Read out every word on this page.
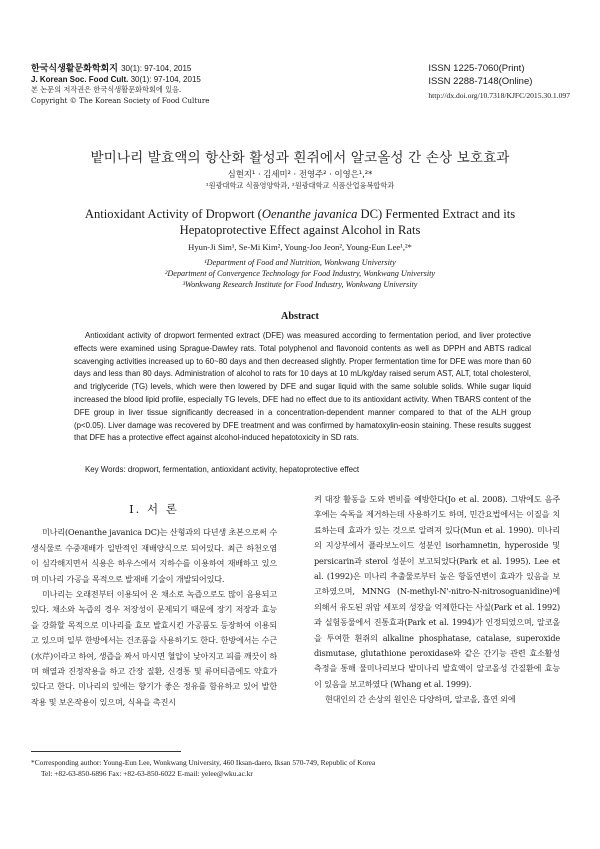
한국식생활문화학회지 30(1): 97-104, 2015
J. Korean Soc. Food Cult. 30(1): 97-104, 2015
본 논문의 저작권은 한국식생활문화학회에 있음.
Copyright © The Korean Society of Food Culture
ISSN 1225-7060(Print)
ISSN 2288-7148(Online)
http://dx.doi.org/10.7318/KJFC/2015.30.1.097
밭미나리 발효액의 항산화 활성과 흰쥐에서 알코올성 간 손상 보호효과
심현지¹ · 김세미² · 전영주² · 이영은¹,²*
¹원광대학교 식품영양학과, ²원광대학교 식품산업융복합학과
Antioxidant Activity of Dropwort (Oenanthe javanica DC) Fermented Extract and its Hepatoprotective Effect against Alcohol in Rats
Hyun-Ji Sim¹, Se-Mi Kim², Young-Joo Jeon², Young-Eun Lee¹,²*
¹Department of Food and Nutrition, Wonkwang University
²Department of Convergence Technology for Food Industry, Wonkwang University
³Wonkwang Research Institute for Food Industry, Wonkwang University
Abstract

Antioxidant activity of dropwort fermented extract (DFE) was measured according to fermentation period, and liver protective effects were examined using Sprague-Dawley rats. Total polyphenol and flavonoid contents as well as DPPH and ABTS radical scavenging activities increased up to 60~80 days and then decreased slightly. Proper fermentation time for DFE was more than 60 days and less than 80 days. Administration of alcohol to rats for 10 days at 10 mL/kg/day raised serum AST, ALT, total cholesterol, and triglyceride (TG) levels, which were then lowered by DFE and sugar liquid with the same soluble solids. While sugar liquid increased the blood lipid profile, especially TG levels, DFE had no effect due to its antioxidant activity. When TBARS content of the DFE group in liver tissue significantly decreased in a concentration-dependent manner compared to that of the ALH group (p<0.05). Liver damage was recovered by DFE treatment and was confirmed by hamatoxylin-eosin staining. These results suggest that DFE has a protective effect against alcohol-induced hepatotoxicity in SD rats.

Key Words: dropwort, fermentation, antioxidant activity, hepatoprotective effect
I. 서 론

미나리(Oenanthe javanica DC)는 산형과의 다년생 초본으로써 수생식물로 수중재배가 일반적인 재배양식으로 되어있다. 최근 하천오염이 심각해지면서 식용은 하우스에서 지하수를 이용하여 재배하고 있으며 미나리 가공을 목적으로 발재배 기술이 개발되어있다.

미나리는 오래전부터 이용되어 온 채소로 녹즙으로도 많이 음용되고 있다. 채소와 녹즙의 경우 저장성이 문제되기 때문에 장기 저장과 효능을 강화할 목적으로 미나리를 효모 발효시킨 가공품도 등장하여 이용되고 있으며 일부 한방에서는 건조품을 사용하기도 한다. 한방에서는 수근(水芹)이라고 하여, 생즙을 짜서 마시면 혈압이 낮아지고 피를 깨끗이 하며 해열과 진정작용을 하고 간장 질환, 신경통 및 류머티즘에도 약효가 있다고 한다. 미나리의 잎에는 향기가 좋은 정유를 함유하고 있어 발한작용 및 보온작용이 있으며, 식욕을 촉진시

켜 대장 활동을 도와 변비를 예방한다(Jo et al. 2008). 그밖에도 음주 후에는 숙독을 제거하는데 사용하기도 하며, 민간요법에서는 이질을 치료하는데 효과가 있는 것으로 알려져 있다(Mun et al. 1990). 미나리의 지상부에서 플라보노이드 성분인 isorhamnetin, hyperoside 및 persicarin과 sterol 성분이 보고되었다(Park et al. 1995). Lee et al. (1992)은 미나리 추출물로부터 높은 항돌연변이 효과가 있음을 보고하였으며, MNNG (N-methyl-N'-nitro-N-nitrosoguanidine)에 의해서 유도된 위암 세포의 성장을 억제한다는 사실(Park et al. 1992)과 실험동물에서 진통효과(Park et al. 1994)가 인정되었으며, 알코올을 투여한 흰쥐의 alkaline phosphatase, catalase, superoxide dismutase, glutathione peroxidase와 같은 간기능 관련 효소활성 측정을 통해 물미나리보다 밭미나리 발효액이 알코올성 간질환에 효능이 있음을 보고하였다 (Whang et al. 1999).

현대인의 간 손상의 원인은 다양하며, 알코올, 흡연 외에

*Corresponding author: Young-Eun Lee, Wonkwang University, 460 Iksan-daero, Iksan 570-749, Republic of Korea
Tel: +82-63-850-6896 Fax: +82-63-850-6022 E-mail: yelee@wku.ac.kr
